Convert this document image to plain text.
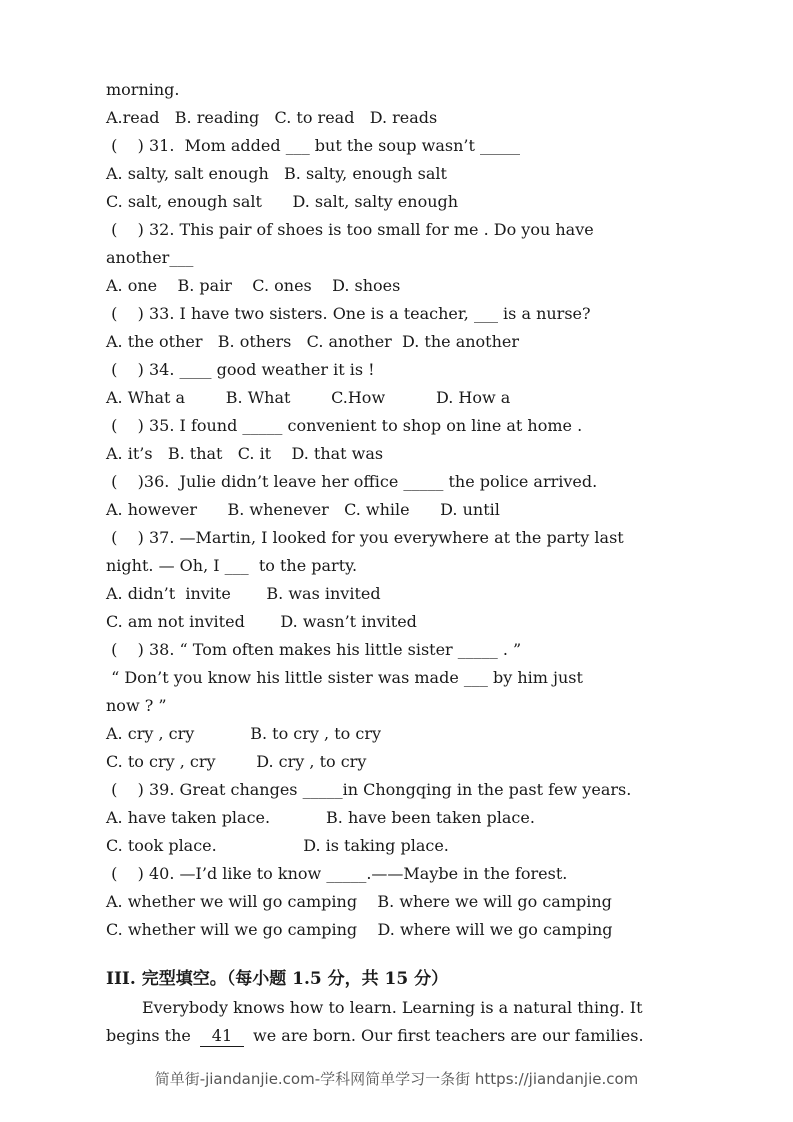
morning.
A.read   B. reading   C. to read   D. reads
(    ) 31.  Mom added ___ but the soup wasn’t _____
A. salty, salt enough   B. salty, enough salt
C. salt, enough salt      D. salt, salty enough
(    ) 32. This pair of shoes is too small for me . Do you have
another___
A. one    B. pair    C. ones    D. shoes
(    ) 33. I have two sisters. One is a teacher, ___ is a nurse?
A. the other   B. others   C. another  D. the another
(    ) 34. ____ good weather it is !
A. What a        B. What        C.How          D. How a
(    ) 35. I found _____ convenient to shop on line at home .
A. it’s   B. that   C. it    D. that was
(    )36.  Julie didn’t leave her office _____ the police arrived.
A. however      B. whenever   C. while      D. until
(    ) 37. —Martin, I looked for you everywhere at the party last
night. — Oh, I ___  to the party.
A. didn’t  invite       B. was invited
C. am not invited       D. wasn’t invited
(    ) 38. “ Tom often makes his little sister _____ . ”
“ Don’t you know his little sister was made ___ by him just
now ? ”
A. cry , cry           B. to cry , to cry
C. to cry , cry        D. cry , to cry
(    ) 39. Great changes _____in Chongqing in the past few years.
A. have taken place.           B. have been taken place.
C. took place.                 D. is taking place.
(    ) 40. —I’d like to know _____.——Maybe in the forest.
A. whether we will go camping    B. where we will go camping
C. whether will we go camping    D. where will we go camping
III. 完型填空。（每小题 1.5 分，共 15 分）
Everybody knows how to learn. Learning is a natural thing. It
begins the 41 we are born. Our first teachers are our families.
简单街-jiandanjie.com-学科网简单学习一条街 https://jiandanjie.com
